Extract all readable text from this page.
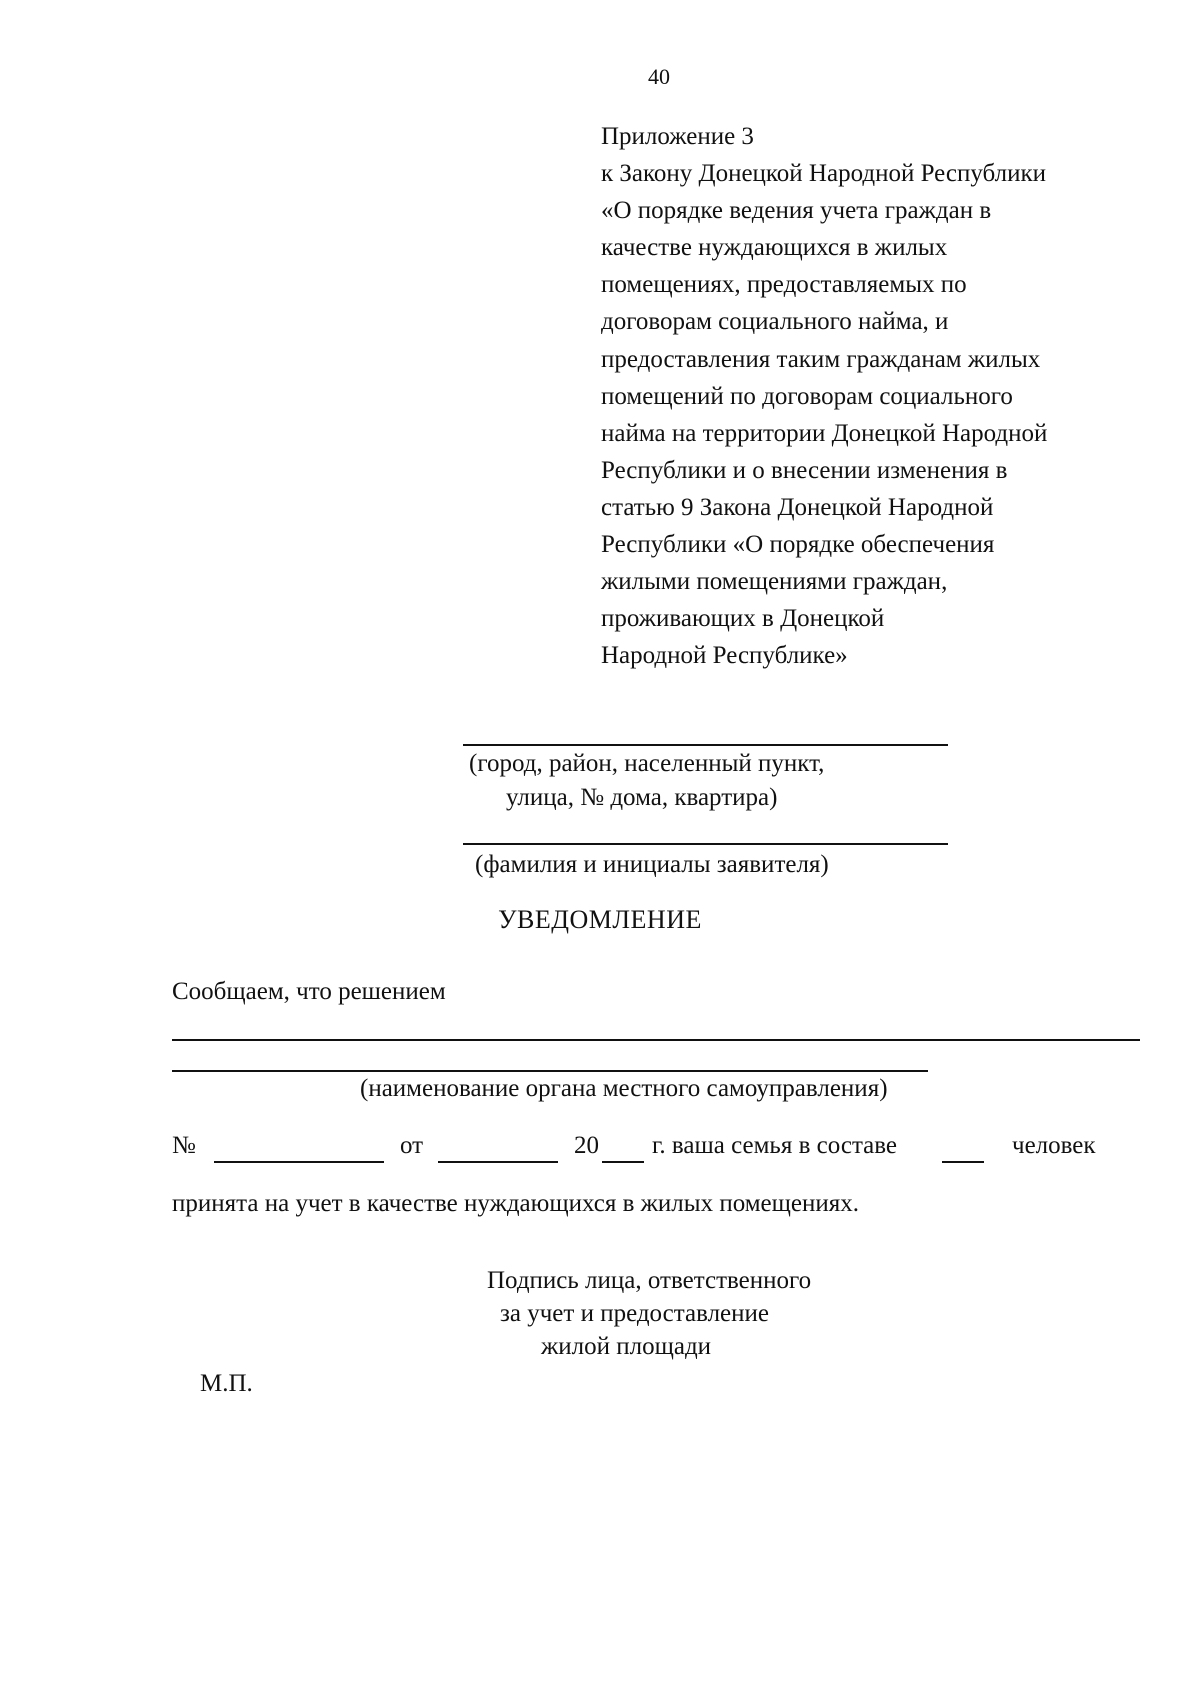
40
Приложение 3
к Закону Донецкой Народной Республики
«О порядке ведения учета граждан в
качестве нуждающихся в жилых
помещениях, предоставляемых по
договорам социального найма, и
предоставления таким гражданам жилых
помещений по договорам социального
найма на территории Донецкой Народной
Республики и о внесении изменения в
статью 9 Закона Донецкой Народной
Республики «О порядке обеспечения
жилыми помещениями граждан,
проживающих в Донецкой
Народной Республике»
(город, район, населенный пункт,
улица, № дома, квартира)
(фамилия и инициалы заявителя)
УВЕДОМЛЕНИЕ
Сообщаем, что решением
(наименование органа местного самоуправления)
№	от	20 г. ваша семья в составе	человек
принята на учет в качестве нуждающихся в жилых помещениях.
Подпись лица, ответственного
за учет и предоставление
жилой площади
М.П.
